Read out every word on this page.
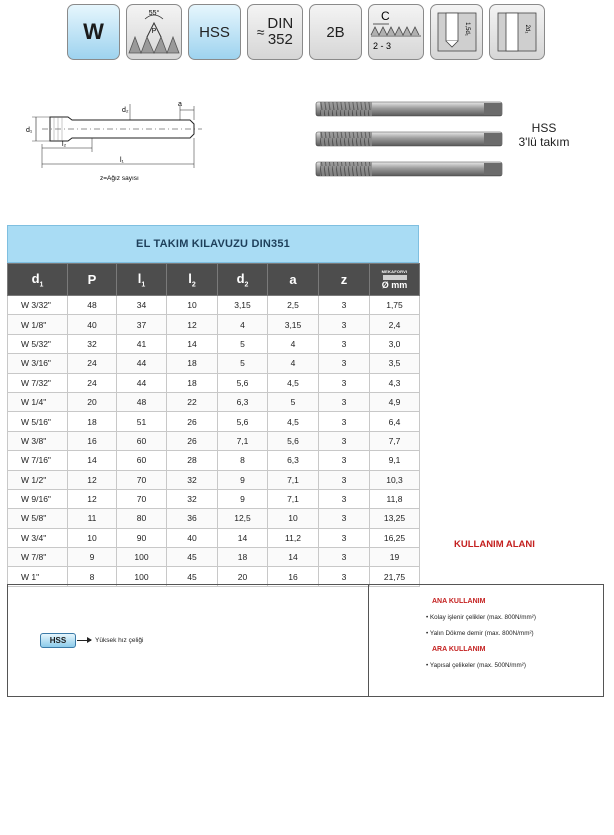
W
55°
P	HSS ≈ DIN
352 2B
C
2 - 3
1,5d₁	2d₁
d₁
d₂
a
l₂
l₁
z=Ağız sayısı
HSS
3'lü takım
EL TAKIM KILAVUZU DIN351
$d_1$	P	$l_1$	$l_2$	$d_2$	a	z	MEKAFORVI
Ø mm

W 3/32"	48	34	10	3,15	2,5	3	1,75
W 1/8"	40	37	12	4	3,15	3	2,4
W 5/32"	32	41	14	5	4	3	3,0
W 3/16"	24	44	18	5	4	3	3,5
W 7/32"	24	44	18	5,6	4,5	3	4,3
W 1/4"	20	48	22	6,3	5	3	4,9
W 5/16"	18	51	26	5,6	4,5	3	6,4
W 3/8"	16	60	26	7,1	5,6	3	7,7
W 7/16"	14	60	28	8	6,3	3	9,1
W 1/2"	12	70	32	9	7,1	3	10,3
W 9/16"	12	70	32	9	7,1	3	11,8
W 5/8"	11	80	36	12,5	10	3	13,25
W 3/4"	10	90	40	14	11,2	3	16,25
W 7/8"	9	100	45	18	14	3	19
W 1"	8	100	45	20	16	3	21,75
HSS	Yüksek hız çeliği
KULLANIM ALANI
ANA KULLANIM
• Kolay işlenir çelikler (max. 800N/mm²)
• Yalın Dökme demir (max. 800N/mm²)
ARA KULLANIM
• Yapısal çelikeler (max. 500N/mm²)
